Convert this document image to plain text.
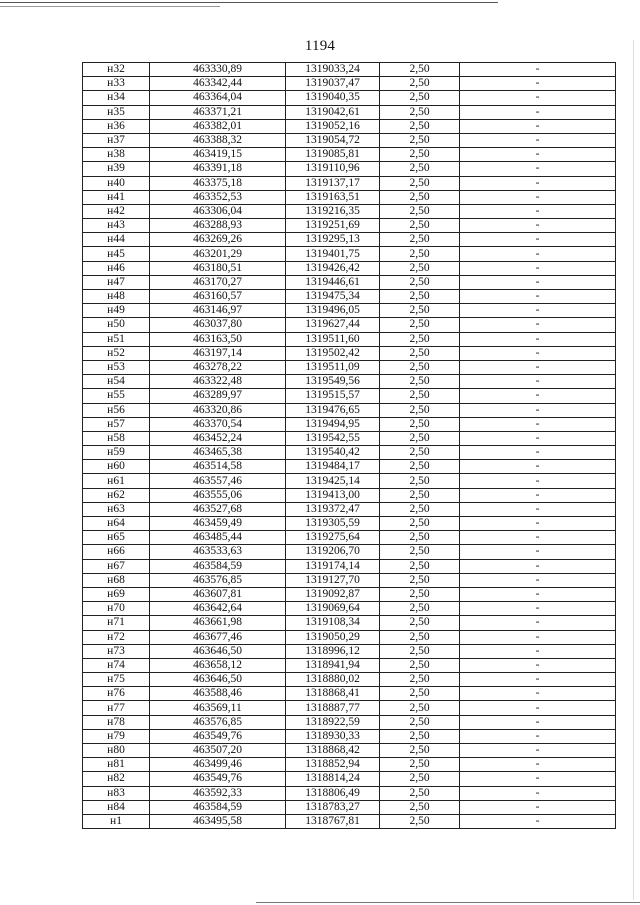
1194
н32	463330,89	1319033,24	2,50	-
н33	463342,44	1319037,47	2,50	-
н34	463364,04	1319040,35	2,50	-
н35	463371,21	1319042,61	2,50	-
н36	463382,01	1319052,16	2,50	-
н37	463388,32	1319054,72	2,50	-
н38	463419,15	1319085,81	2,50	-
н39	463391,18	1319110,96	2,50	-
н40	463375,18	1319137,17	2,50	-
н41	463352,53	1319163,51	2,50	-
н42	463306,04	1319216,35	2,50	-
н43	463288,93	1319251,69	2,50	-
н44	463269,26	1319295,13	2,50	-
н45	463201,29	1319401,75	2,50	-
н46	463180,51	1319426,42	2,50	-
н47	463170,27	1319446,61	2,50	-
н48	463160,57	1319475,34	2,50	-
н49	463146,97	1319496,05	2,50	-
н50	463037,80	1319627,44	2,50	-
н51	463163,50	1319511,60	2,50	-
н52	463197,14	1319502,42	2,50	-
н53	463278,22	1319511,09	2,50	-
н54	463322,48	1319549,56	2,50	-
н55	463289,97	1319515,57	2,50	-
н56	463320,86	1319476,65	2,50	-
н57	463370,54	1319494,95	2,50	-
н58	463452,24	1319542,55	2,50	-
н59	463465,38	1319540,42	2,50	-
н60	463514,58	1319484,17	2,50	-
н61	463557,46	1319425,14	2,50	-
н62	463555,06	1319413,00	2,50	-
н63	463527,68	1319372,47	2,50	-
н64	463459,49	1319305,59	2,50	-
н65	463485,44	1319275,64	2,50	-
н66	463533,63	1319206,70	2,50	-
н67	463584,59	1319174,14	2,50	-
н68	463576,85	1319127,70	2,50	-
н69	463607,81	1319092,87	2,50	-
н70	463642,64	1319069,64	2,50	-
н71	463661,98	1319108,34	2,50	-
н72	463677,46	1319050,29	2,50	-
н73	463646,50	1318996,12	2,50	-
н74	463658,12	1318941,94	2,50	-
н75	463646,50	1318880,02	2,50	-
н76	463588,46	1318868,41	2,50	-
н77	463569,11	1318887,77	2,50	-
н78	463576,85	1318922,59	2,50	-
н79	463549,76	1318930,33	2,50	-
н80	463507,20	1318868,42	2,50	-
н81	463499,46	1318852,94	2,50	-
н82	463549,76	1318814,24	2,50	-
н83	463592,33	1318806,49	2,50	-
н84	463584,59	1318783,27	2,50	-
н1	463495,58	1318767,81	2,50	-
